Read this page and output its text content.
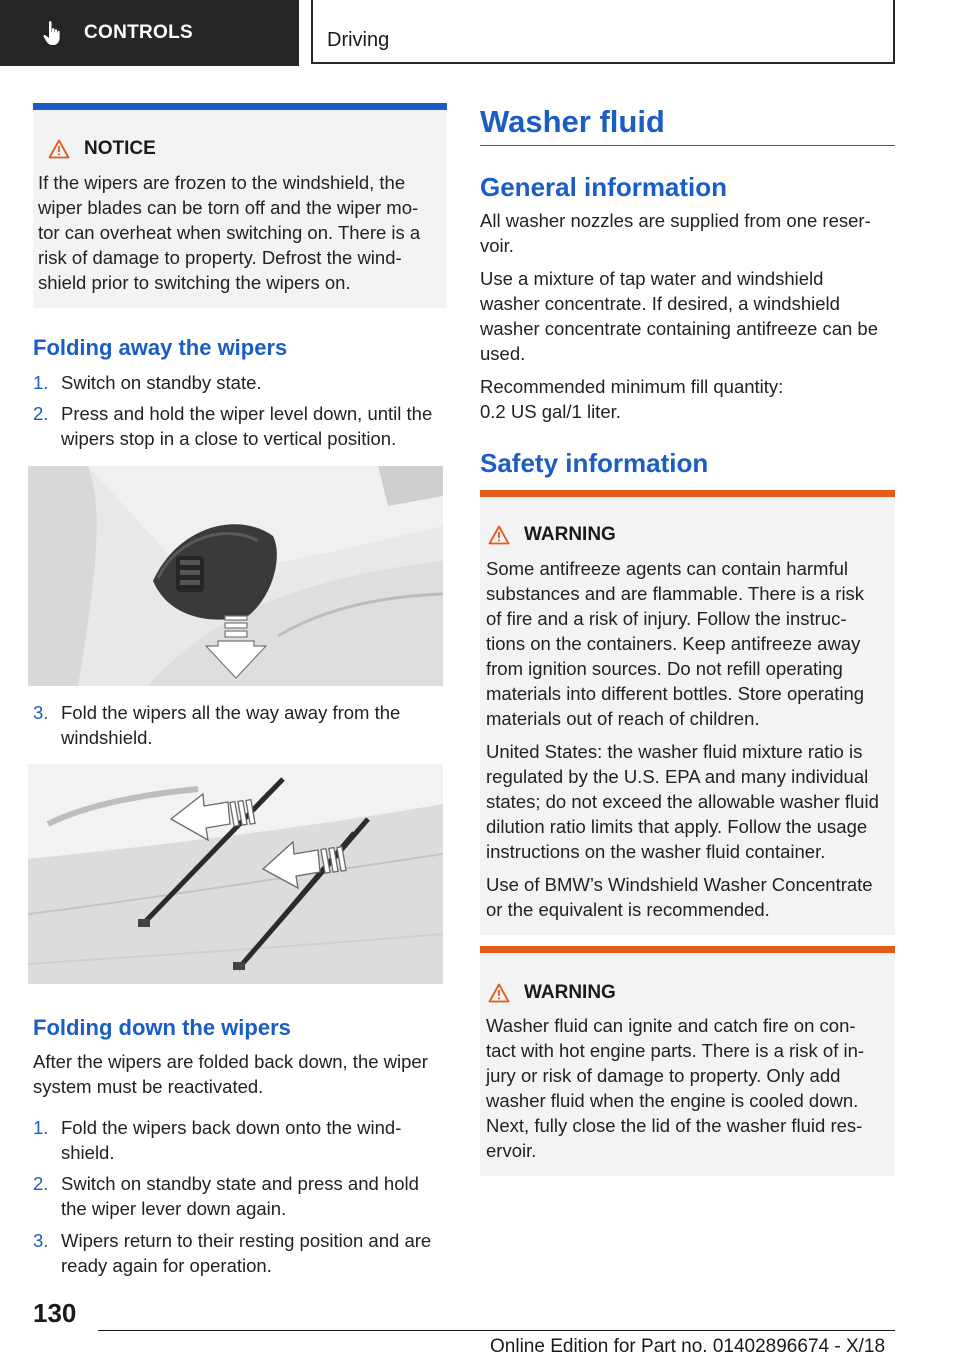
CONTROLS	Driving
NOTICE

If the wipers are frozen to the windshield, the

wiper blades can be torn off and the wiper mo‐

tor can overheat when switching on. There is a

risk of damage to property. Defrost the wind‐

shield prior to switching the wipers on.

Folding away the wipers
1. Switch on standby state.
2. Press and hold the wiper level down, until the
wipers stop in a close to vertical position.
3. Fold the wipers all the way away from the
windshield.
Folding down the wipers
After the wipers are folded back down, the wiper
system must be reactivated.
1. Fold the wipers back down onto the wind‐
shield.
2. Switch on standby state and press and hold
the wiper lever down again.
3. Wipers return to their resting position and are
ready again for operation.
Washer fluid
General information
All washer nozzles are supplied from one reser‐
voir.
Use a mixture of tap water and windshield
washer concentrate. If desired, a windshield
washer concentrate containing antifreeze can be
used.
Recommended minimum fill quantity:
0.2 US gal/1 liter.
Safety information
WARNING

Some antifreeze agents can contain harmful
substances and are flammable. There is a risk
of fire and a risk of injury. Follow the instruc‐
tions on the containers. Keep antifreeze away
from ignition sources. Do not refill operating
materials into different bottles. Store operating
materials out of reach of children.

United States: the washer fluid mixture ratio is
regulated by the U.S. EPA and many individual
states; do not exceed the allowable washer fluid
dilution ratio limits that apply. Follow the usage
instructions on the washer fluid container.

Use of BMW’s Windshield Washer Concentrate
or the equivalent is recommended.

WARNING

Washer fluid can ignite and catch fire on con‐
tact with hot engine parts. There is a risk of in‐
jury or risk of damage to property. Only add
washer fluid when the engine is cooled down.
Next, fully close the lid of the washer fluid res‐
ervoir.

130
Online Edition for Part no. 01402896674 - X/18
